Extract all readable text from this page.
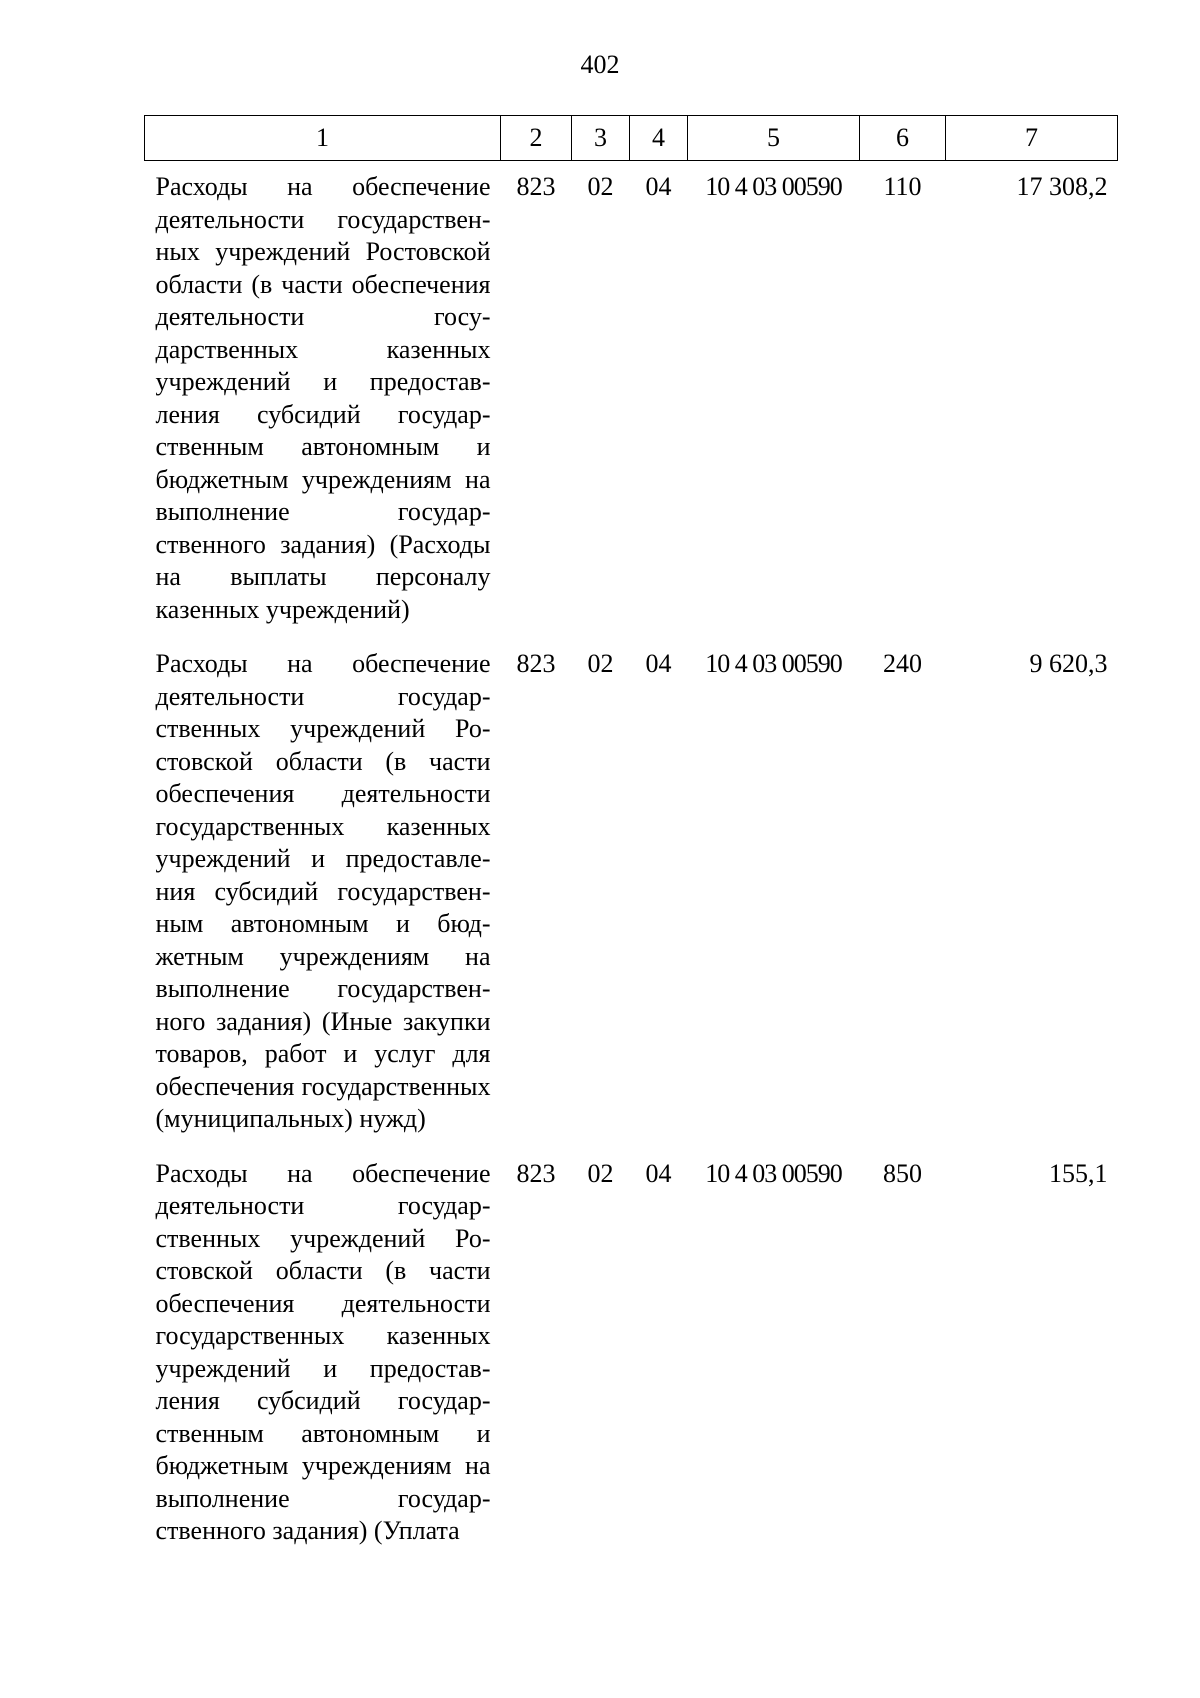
402
1	2	3	4	5	6	7
Расходы на обеспечение деятельности государственных учреждений Ростовской области (в части обеспечения деятельности государственных казенных учреждений и предоставления субсидий государственным автономным и бюджетным учреждениям на выполнение государственного задания) (Расходы на выплаты персоналу казенных учреждений)	823	02	04	10 4 03 00590	110	17 308,2
Расходы на обеспечение деятельности государственных учреждений Ростовской области (в части обеспечения деятельности государственных казенных учреждений и предоставления субсидий государственным автономным и бюджетным учреждениям на выполнение государственного задания) (Иные закупки товаров, работ и услуг для обеспечения государственных (муниципальных) нужд)	823	02	04	10 4 03 00590	240	9 620,3
Расходы на обеспечение деятельности государственных учреждений Ростовской области (в части обеспечения деятельности государственных казенных учреждений и предоставления субсидий государственным автономным и бюджетным учреждениям на выполнение государственного задания) (Уплата	823	02	04	10 4 03 00590	850	155,1
